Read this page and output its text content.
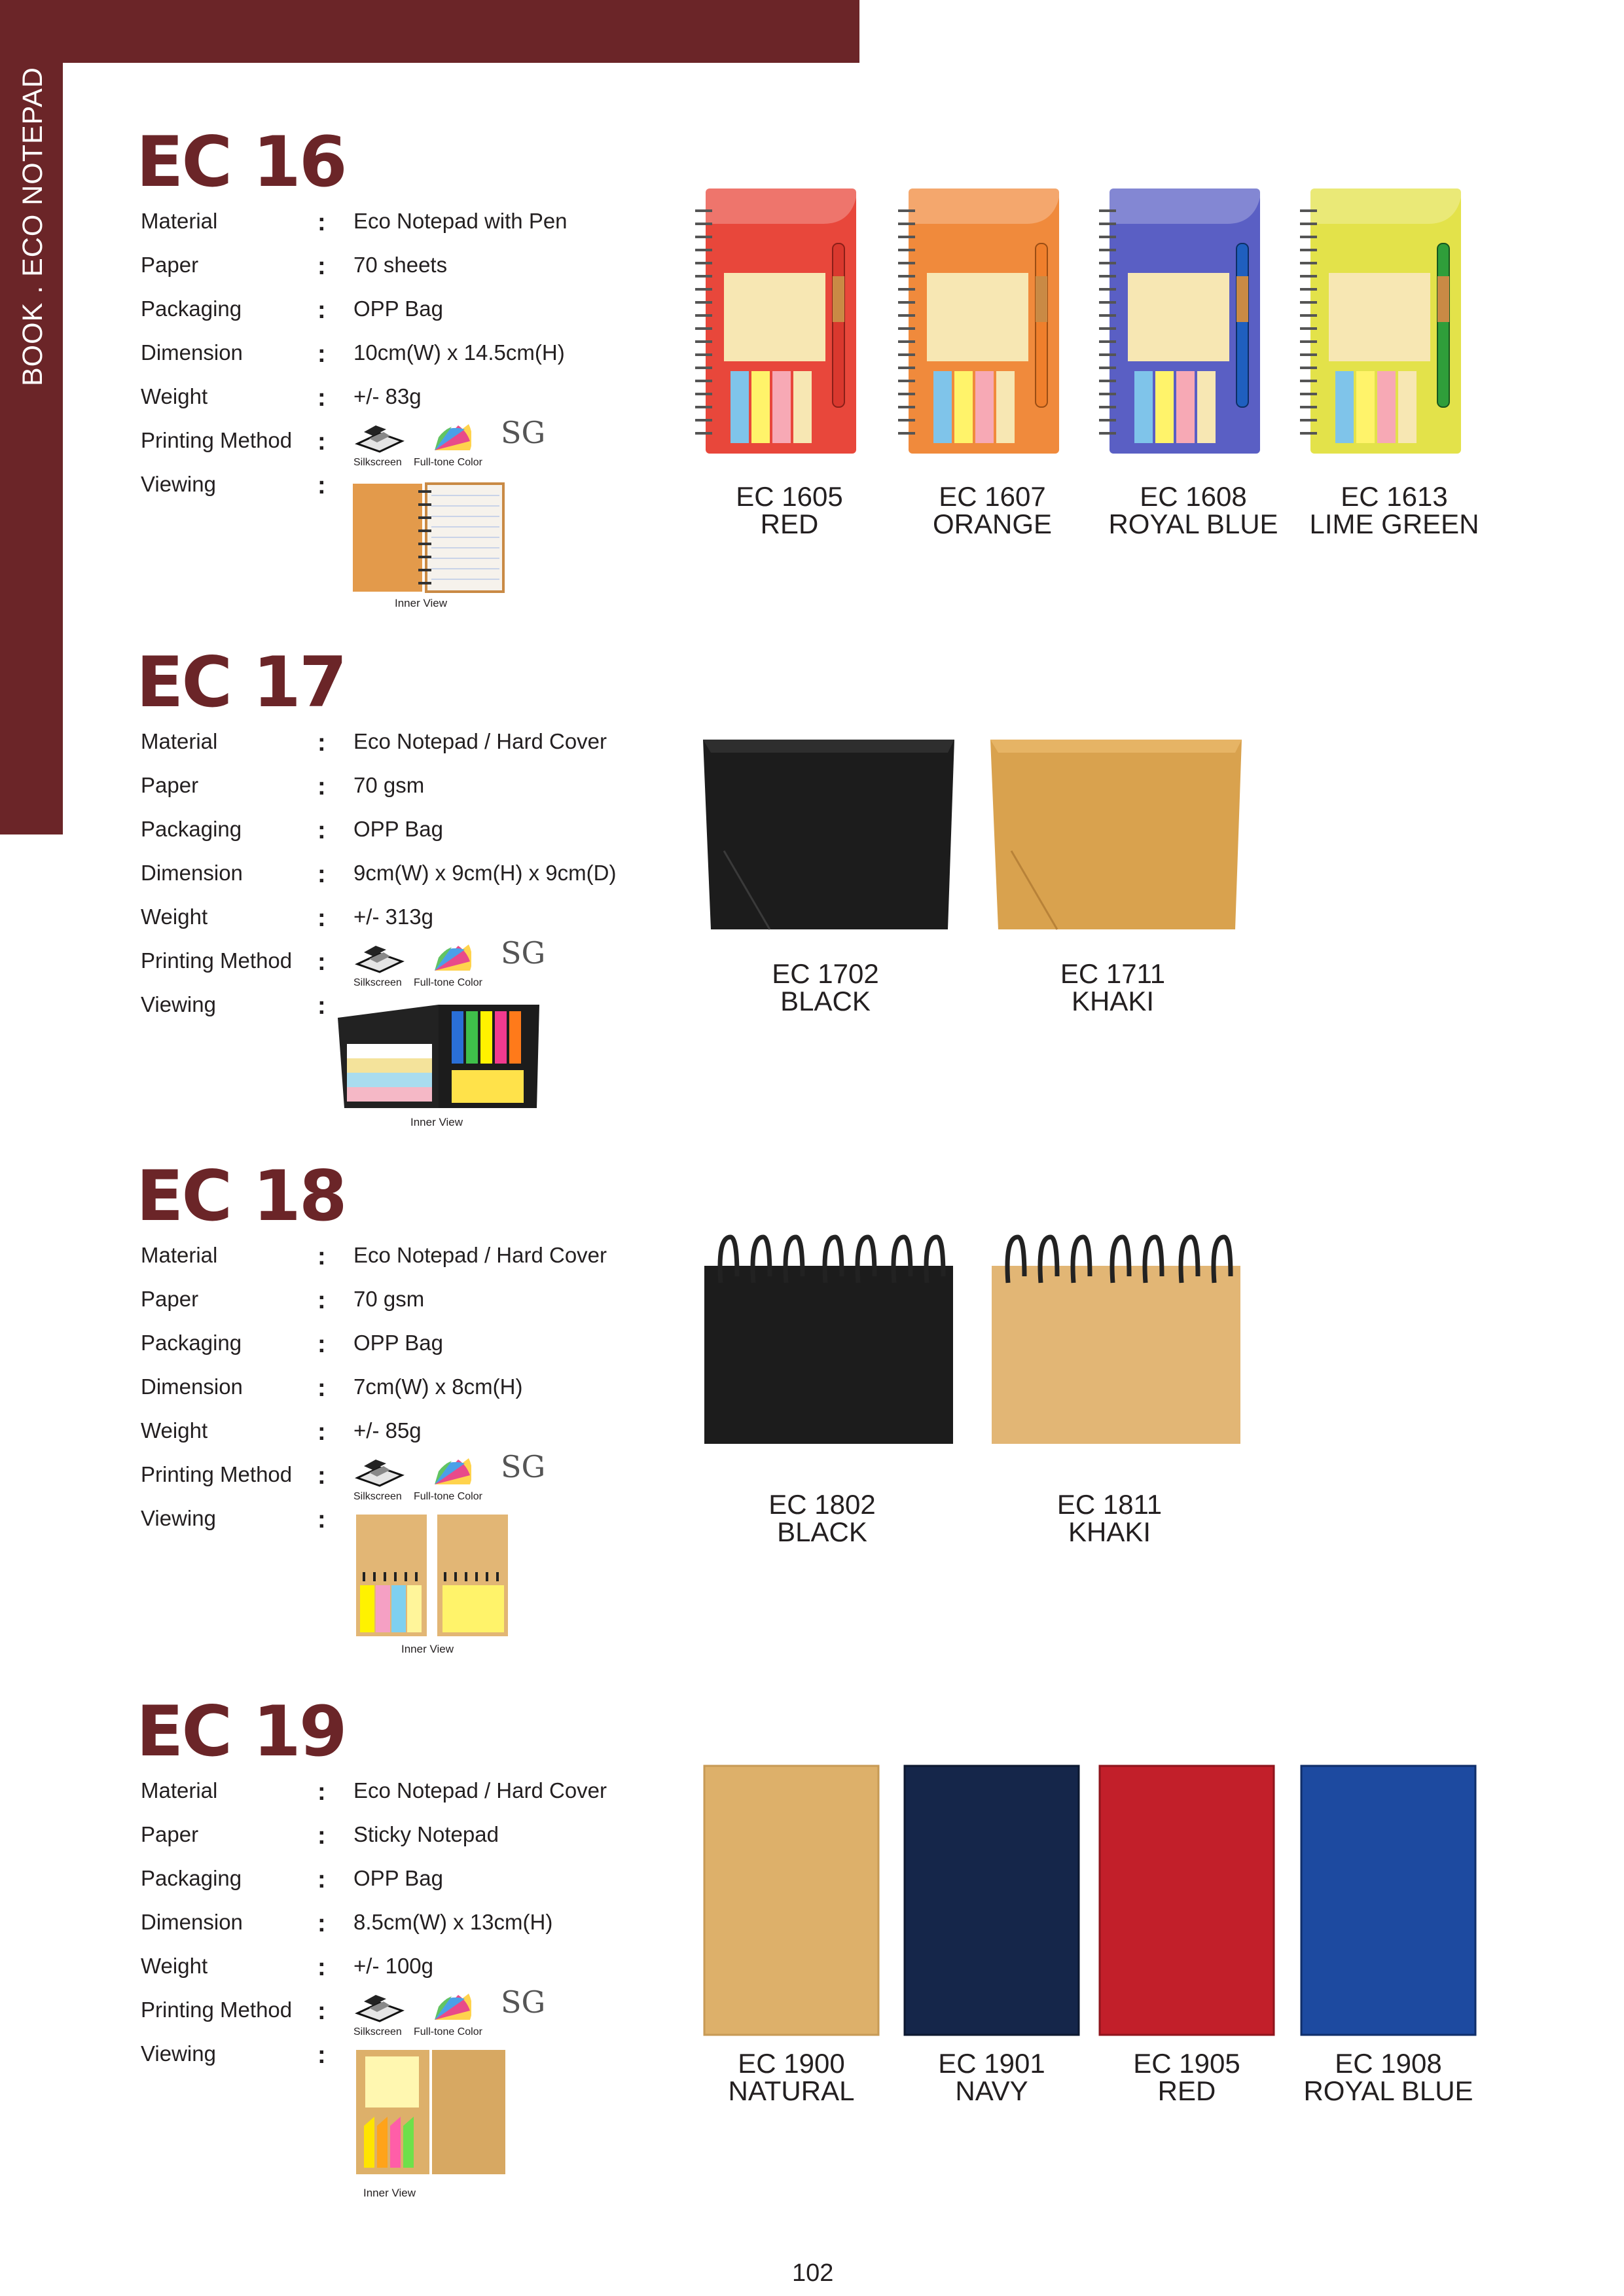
BOOK . ECO NOTEPAD EC 16
Material	: Eco Notepad with Pen
Paper	: 70 sheets
Packaging	: OPP Bag
Dimension	: 10cm(W) x 14.5cm(H)
Weight	: +/- 83g
Printing Method :	SG
Silkscreen Full-tone Color
Viewing	:
Inner View
EC 1605
RED
EC 1607
ORANGE
EC 1608
ROYAL BLUE
EC 1613
LIME GREEN
EC 17
Material	: Eco Notepad / Hard Cover
Paper	: 70 gsm
Packaging	: OPP Bag
Dimension	: 9cm(W) x 9cm(H) x 9cm(D)
Weight	: +/- 313g
Printing Method :	SG
Silkscreen Full-tone Color
Viewing	:
Inner View
EC 1702
BLACK
EC 1711
KHAKI
EC 18
Material	: Eco Notepad / Hard Cover
Paper	: 70 gsm
Packaging	: OPP Bag
Dimension	: 7cm(W) x 8cm(H)
Weight	: +/- 85g
Printing Method :	SG
Silkscreen Full-tone Color
Viewing	:
Inner View
EC 1802
BLACK
EC 1811
KHAKI
EC 19
Material	: Eco Notepad / Hard Cover
Paper	: Sticky Notepad
Packaging	: OPP Bag
Dimension	: 8.5cm(W) x 13cm(H)
Weight	: +/- 100g
Printing Method :	SG
Silkscreen Full-tone Color
Viewing	:
Inner View
EC 1900
NATURAL
EC 1901
NAVY
EC 1905
RED
EC 1908
ROYAL BLUE
102
